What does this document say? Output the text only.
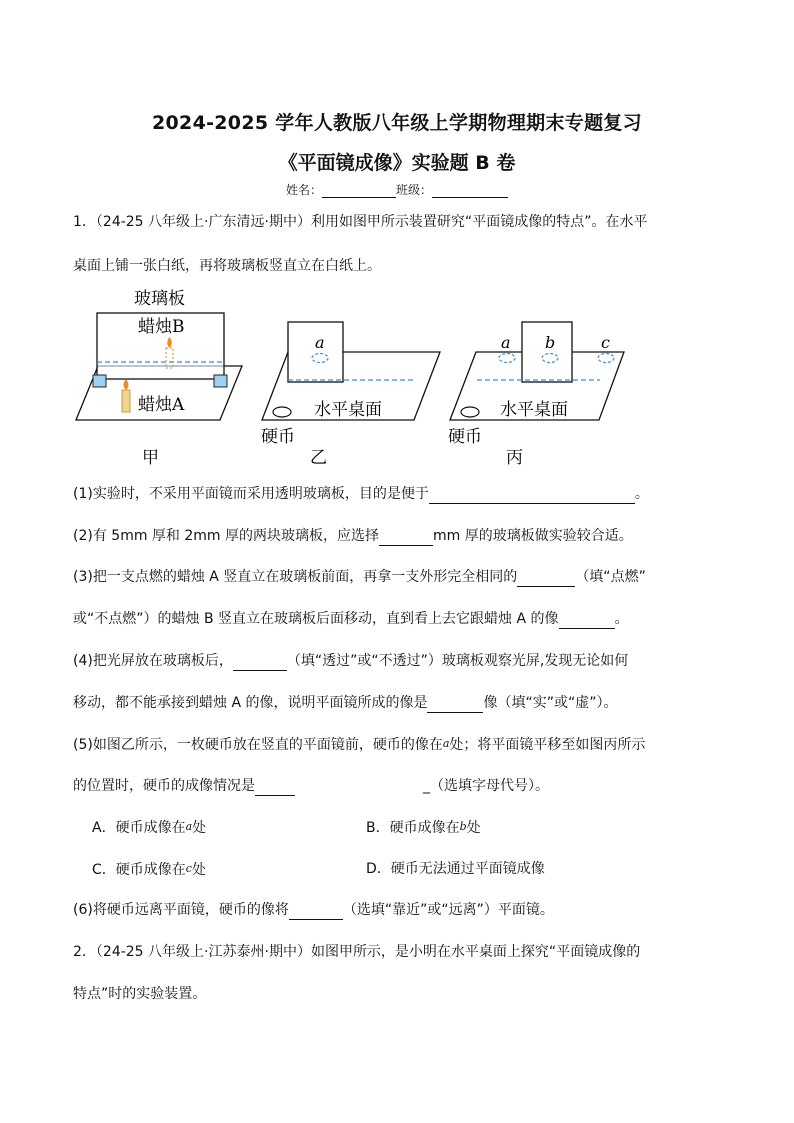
2024-2025 学年人教版八年级上学期物理期末专题复习
《平面镜成像》实验题 B 卷
姓名：	班级：
1．（24-25 八年级上·广东清远·期中）利用如图甲所示装置研究“平面镜成像的特点”。在水平
桌面上铺一张白纸，再将玻璃板竖直立在白纸上。
玻璃板
蜡烛B
蜡烛A
甲
a
水平桌面
硬币
乙
a b	c
水平桌面
硬币
丙
(1)实验时，不采用平面镜而采用透明玻璃板，目的是便于	。
(2)有 5mm 厚和 2mm 厚的两块玻璃板，应选择	mm 厚的玻璃板做实验较合适。
(3)把一支点燃的蜡烛 A 竖直立在玻璃板前面，再拿一支外形完全相同的	（填“点燃”
或“不点燃”）的蜡烛 B 竖直立在玻璃板后面移动，直到看上去它跟蜡烛 A 的像	。
(4)把光屏放在玻璃板后，	（填“透过”或“不透过”）玻璃板观察光屏,发现无论如何
移动，都不能承接到蜡烛 A 的像，说明平面镜所成的像是	像（填“实”或“虚”）。
(5)如图乙所示，一枚硬币放在竖直的平面镜前，硬币的像在a处；将平面镜平移至如图丙所示
的位置时，硬币的成像情况是	_（选填字母代号）。
A．硬币成像在a处	B．硬币成像在b处
C．硬币成像在c处	D．硬币无法通过平面镜成像
(6)将硬币远离平面镜，硬币的像将	（选填“靠近”或“远离”）平面镜。
2．（24-25 八年级上·江苏泰州·期中）如图甲所示，是小明在水平桌面上探究“平面镜成像的
特点”时的实验装置。
